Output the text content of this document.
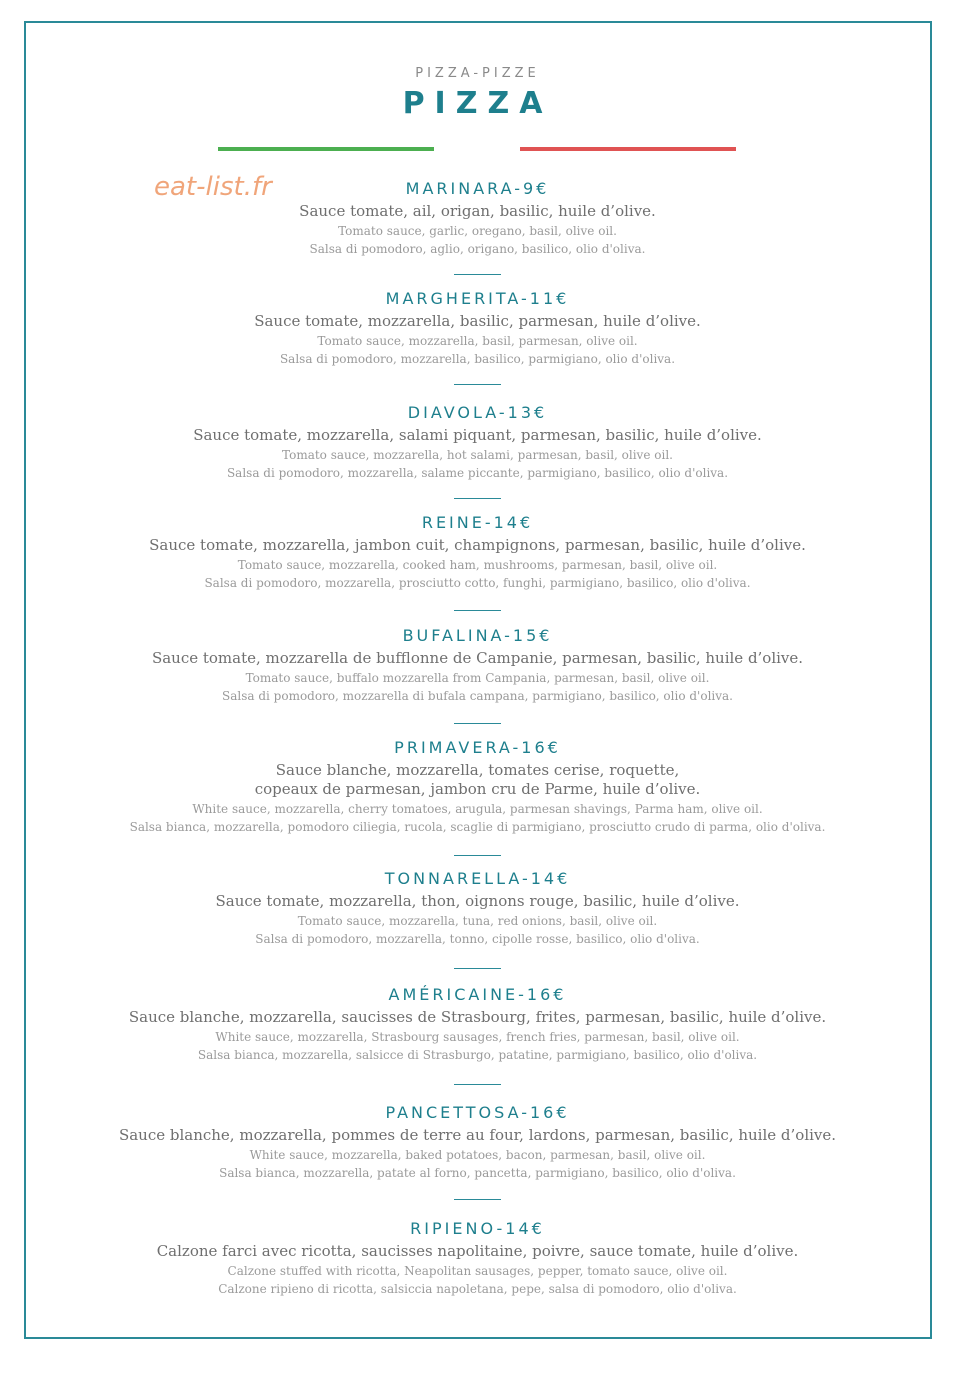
PIZZA-PIZZE
PIZZA
eat-list.fr	MARINARA-9€
Sauce tomate, ail, origan, basilic, huile d’olive.
Tomato sauce, garlic, oregano, basil, olive oil.
Salsa di pomodoro, aglio, origano, basilico, olio d'oliva.
MARGHERITA-11€
Sauce tomate, mozzarella, basilic, parmesan, huile d’olive.
Tomato sauce, mozzarella, basil, parmesan, olive oil.
Salsa di pomodoro, mozzarella, basilico, parmigiano, olio d'oliva.
DIAVOLA-13€
Sauce tomate, mozzarella, salami piquant, parmesan, basilic, huile d’olive.
Tomato sauce, mozzarella, hot salami, parmesan, basil, olive oil.
Salsa di pomodoro, mozzarella, salame piccante, parmigiano, basilico, olio d'oliva.
REINE-14€
Sauce tomate, mozzarella, jambon cuit, champignons, parmesan, basilic, huile d’olive.
Tomato sauce, mozzarella, cooked ham, mushrooms, parmesan, basil, olive oil.
Salsa di pomodoro, mozzarella, prosciutto cotto, funghi, parmigiano, basilico, olio d'oliva.
BUFALINA-15€
Sauce tomate, mozzarella de bufflonne de Campanie, parmesan, basilic, huile d’olive.
Tomato sauce, buffalo mozzarella from Campania, parmesan, basil, olive oil.
Salsa di pomodoro, mozzarella di bufala campana, parmigiano, basilico, olio d'oliva.
PRIMAVERA-16€
Sauce blanche, mozzarella, tomates cerise, roquette,
copeaux de parmesan, jambon cru de Parme, huile d’olive.
White sauce, mozzarella, cherry tomatoes, arugula, parmesan shavings, Parma ham, olive oil.
Salsa bianca, mozzarella, pomodoro ciliegia, rucola, scaglie di parmigiano, prosciutto crudo di parma, olio d'oliva.
TONNARELLA-14€
Sauce tomate, mozzarella, thon, oignons rouge, basilic, huile d’olive.
Tomato sauce, mozzarella, tuna, red onions, basil, olive oil.
Salsa di pomodoro, mozzarella, tonno, cipolle rosse, basilico, olio d'oliva.
AMÉRICAINE-16€
Sauce blanche, mozzarella, saucisses de Strasbourg, frites, parmesan, basilic, huile d’olive.
White sauce, mozzarella, Strasbourg sausages, french fries, parmesan, basil, olive oil.
Salsa bianca, mozzarella, salsicce di Strasburgo, patatine, parmigiano, basilico, olio d'oliva.
PANCETTOSA-16€
Sauce blanche, mozzarella, pommes de terre au four, lardons, parmesan, basilic, huile d’olive.
White sauce, mozzarella, baked potatoes, bacon, parmesan, basil, olive oil.
Salsa bianca, mozzarella, patate al forno, pancetta, parmigiano, basilico, olio d'oliva.
RIPIENO-14€
Calzone farci avec ricotta, saucisses napolitaine, poivre, sauce tomate, huile d’olive.
Calzone stuffed with ricotta, Neapolitan sausages, pepper, tomato sauce, olive oil.
Calzone ripieno di ricotta, salsiccia napoletana, pepe, salsa di pomodoro, olio d'oliva.
